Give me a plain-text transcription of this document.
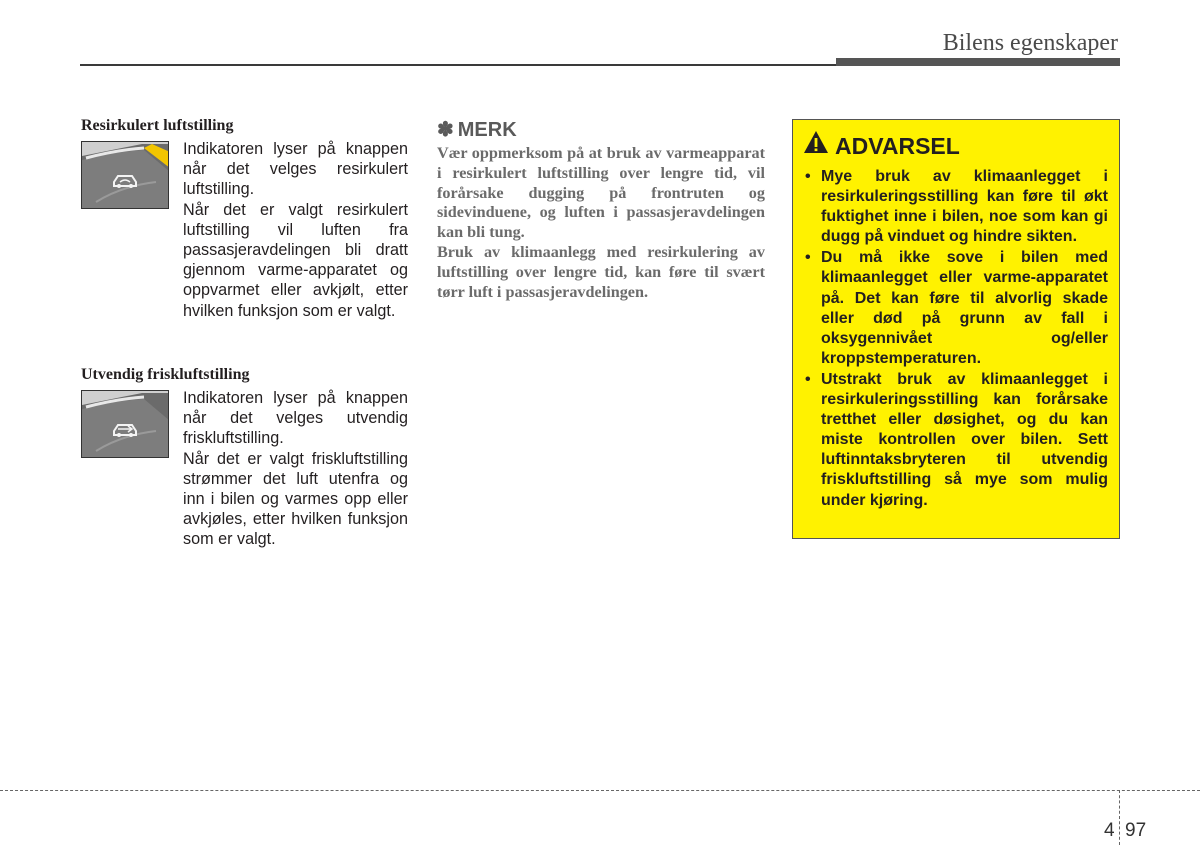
Bilens egenskaper
Resirkulert luftstilling

Indikatoren lyser på knappen når det velges resirkulert luftstilling.

Når det er valgt resirkulert luftstilling vil luften fra passasjeravdelingen bli dratt gjennom varme-apparatet og oppvarmet eller avkjølt, etter hvilken funksjon som er valgt.

Utvendig friskluftstilling

Indikatoren lyser på knappen når det velges utvendig friskluftstilling.

Når det er valgt friskluftstilling strømmer det luft utenfra og inn i bilen og varmes opp eller avkjøles, etter hvilken funksjon som er valgt.

✽ MERK

Vær oppmerksom på at bruk av varmeapparat i resirkulert luftstilling over lengre tid, vil forårsake dugging på frontruten og sidevinduene, og luften i passasjeravdelingen kan bli tung.

Bruk av klimaanlegg med resirkulering av luftstilling over lengre tid, kan føre til svært tørr luft i passasjeravdelingen.

ADVARSEL
• Mye bruk av klimaanlegget i resirkuleringsstilling kan føre til økt fuktighet inne i bilen, noe som kan gi dugg på vinduet og hindre sikten.
• Du må ikke sove i bilen med klimaanlegget eller varme-apparatet på. Det kan føre til alvorlig skade eller død på grunn av fall i oksygennivået og/eller kroppstemperaturen.
• Utstrakt bruk av klimaanlegget i resirkuleringsstilling kan forårsake tretthet eller døsighet, og du kan miste kontrollen over bilen. Sett luftinntaksbryteren til utvendig friskluftstilling så mye som mulig under kjøring.
4 97
